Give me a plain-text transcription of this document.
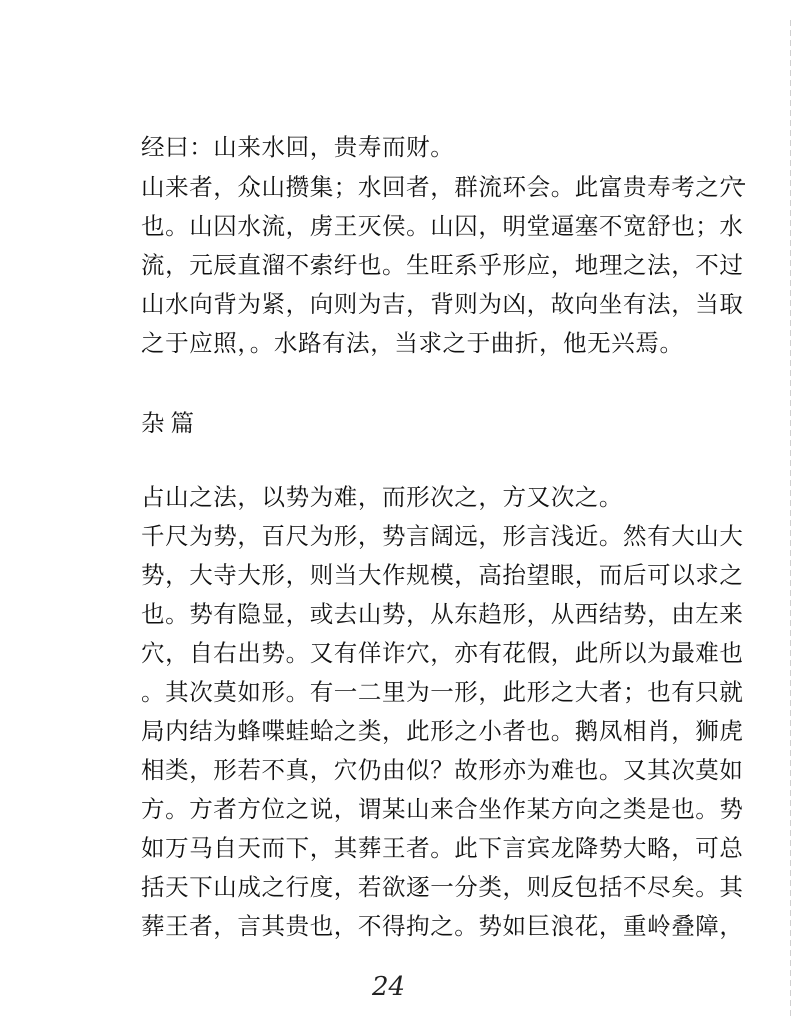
经曰：山来水回，贵寿而财。
山来者，众山攒集；水回者，群流环会。此富贵寿考之穴
也。山囚水流，虏王灭侯。山囚，明堂逼塞不宽舒也；水
流，元辰直溜不索纡也。生旺系乎形应，地理之法，不过
山水向背为紧，向则为吉，背则为凶，故向坐有法，当取
之于应照，。水路有法，当求之于曲折，他无兴焉。
杂篇
占山之法，以势为难，而形次之，方又次之。
千尺为势，百尺为形，势言阔远，形言浅近。然有大山大
势，大寺大形，则当大作规模，高抬望眼，而后可以求之
也。势有隐显，或去山势，从东趋形，从西结势，由左来
穴，自右出势。又有佯诈穴，亦有花假，此所以为最难也
。其次莫如形。有一二里为一形，此形之大者；也有只就
局内结为蜂喋蛙蛤之类，此形之小者也。鹅凤相肖，狮虎
相类，形若不真，穴仍由似？故形亦为难也。又其次莫如
方。方者方位之说，谓某山来合坐作某方向之类是也。势
如万马自天而下，其葬王者。此下言宾龙降势大略，可总
括天下山成之行度，若欲逐一分类，则反包括不尽矣。其
葬王者，言其贵也，不得拘之。势如巨浪花，重岭叠障，
24
